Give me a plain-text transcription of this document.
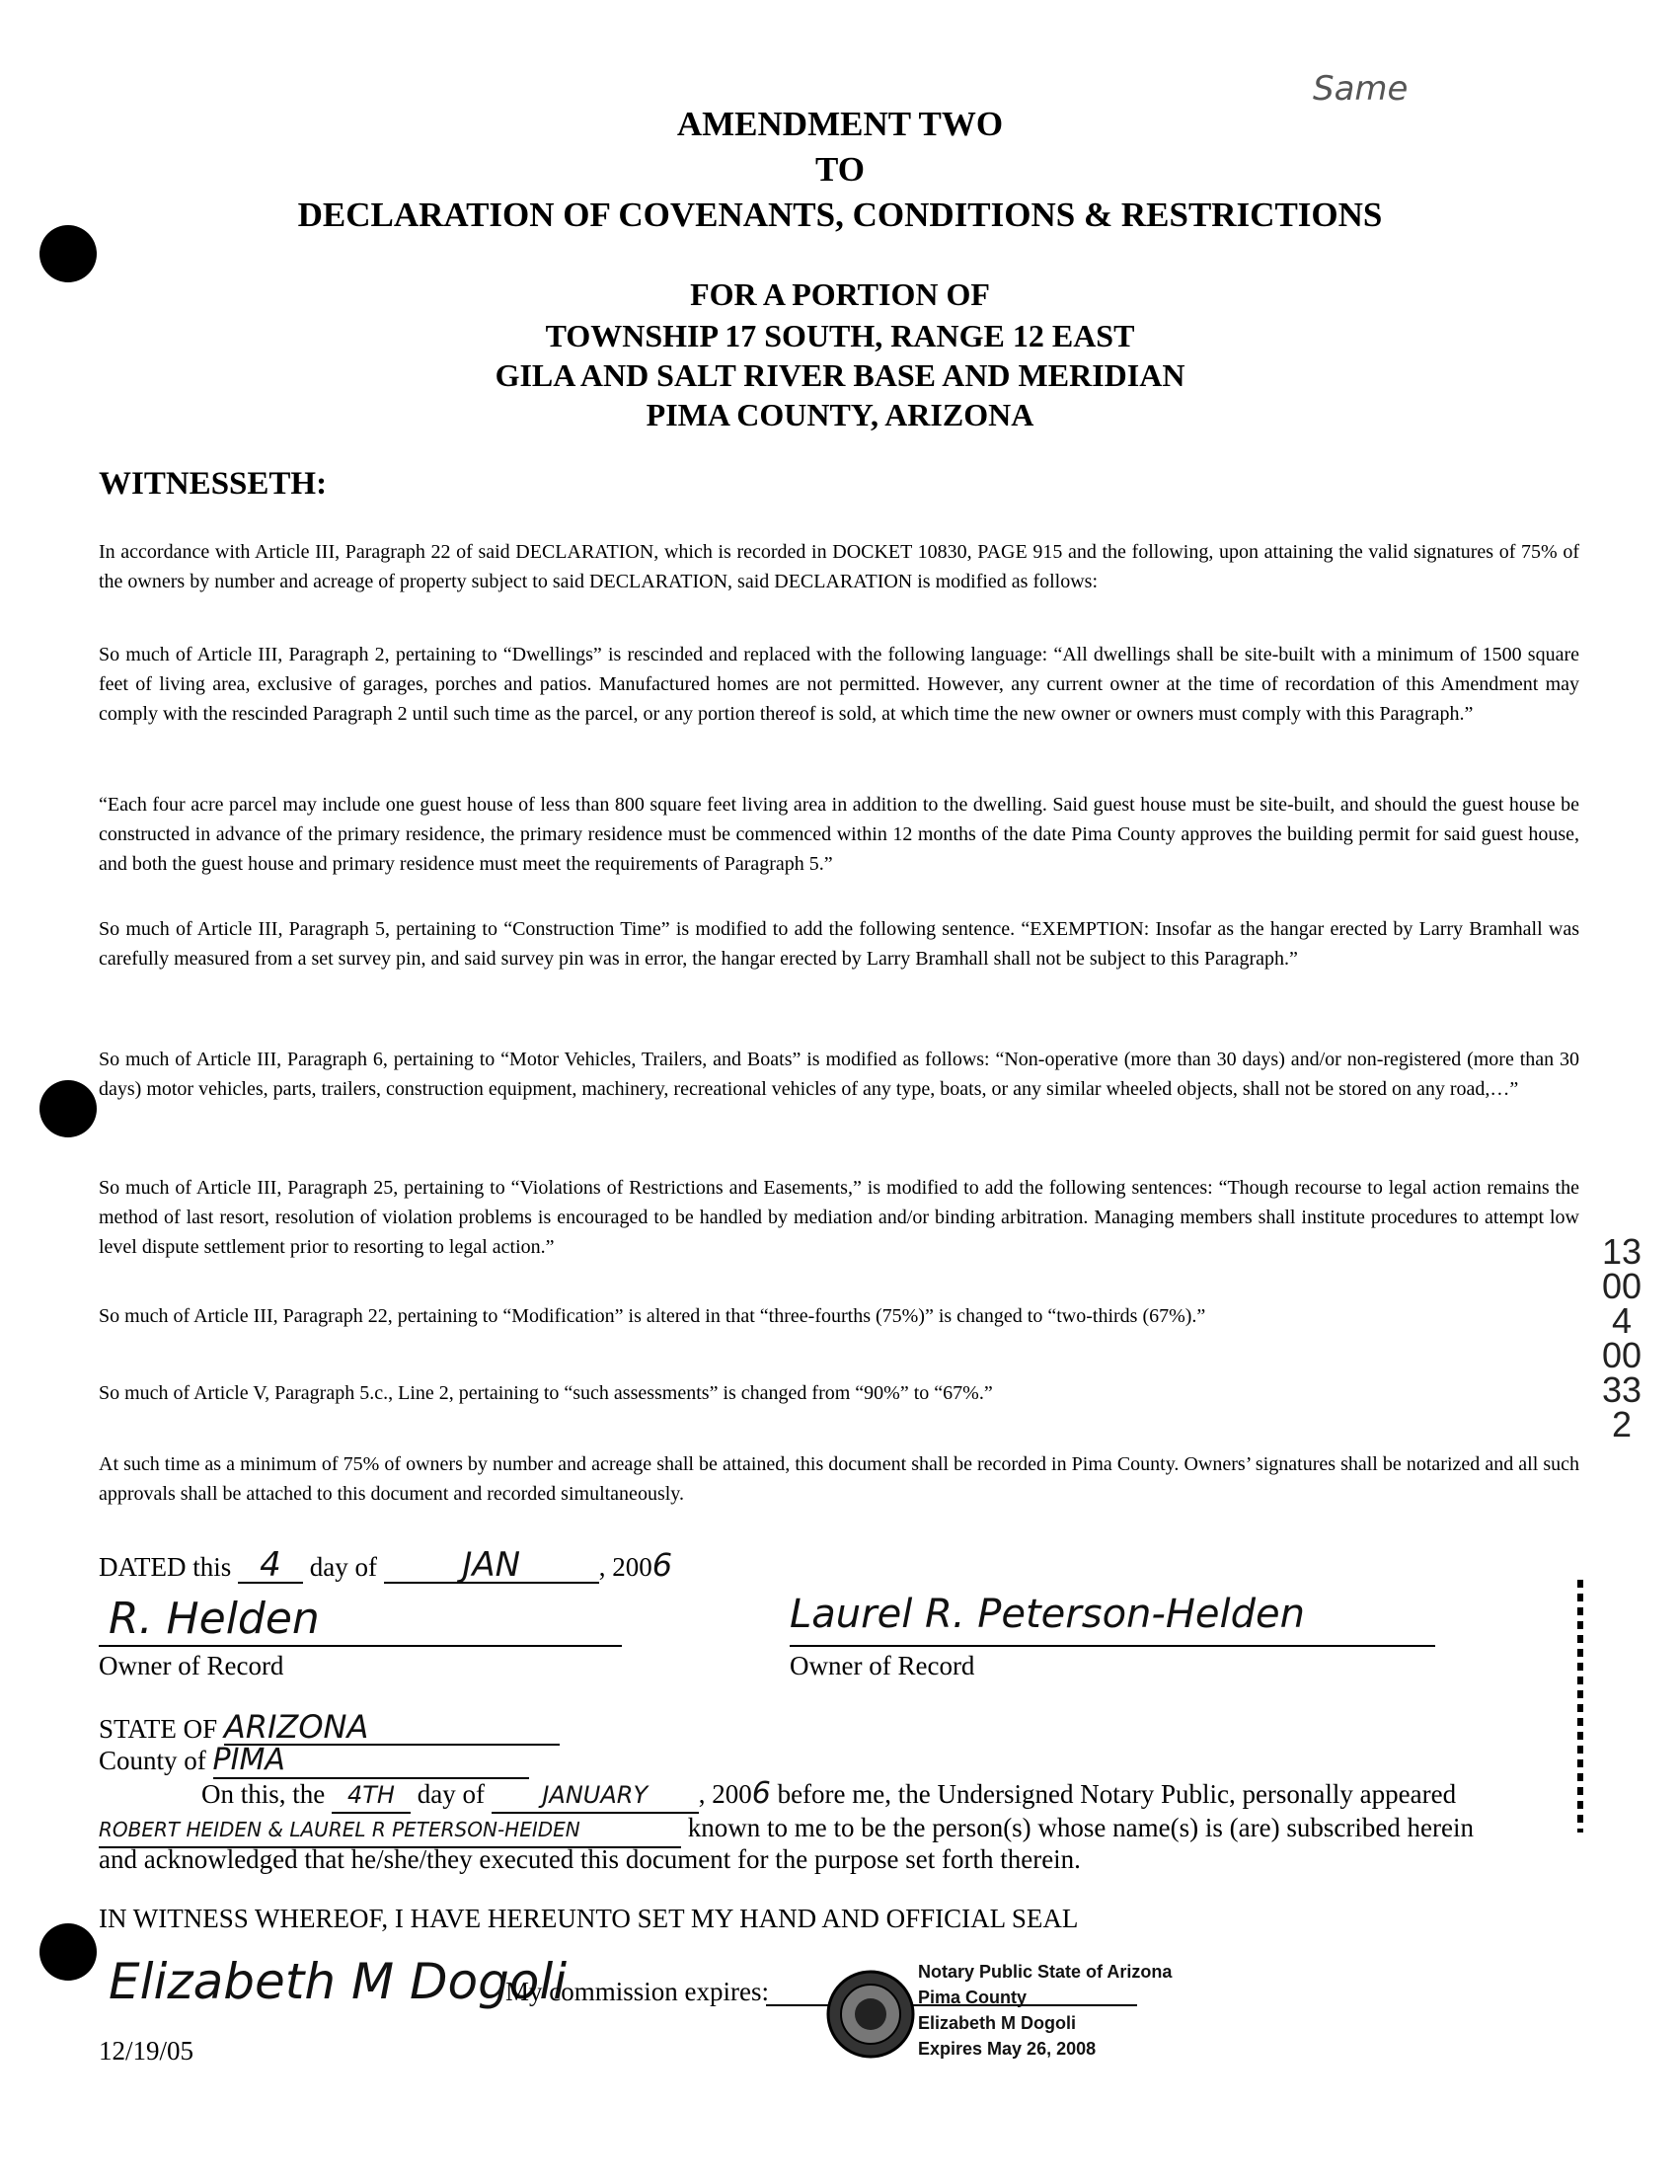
Same
AMENDMENT TWO
TO
DECLARATION OF COVENANTS, CONDITIONS & RESTRICTIONS
FOR A PORTION OF
TOWNSHIP 17 SOUTH, RANGE 12 EAST
GILA AND SALT RIVER BASE AND MERIDIAN
PIMA COUNTY, ARIZONA
WITNESSETH:
In accordance with Article III, Paragraph 22 of said DECLARATION, which is recorded in DOCKET 10830, PAGE 915 and the following, upon attaining the valid signatures of 75% of the owners by number and acreage of property subject to said DECLARATION, said DECLARATION is modified as follows:
So much of Article III, Paragraph 2, pertaining to “Dwellings” is rescinded and replaced with the following language: “All dwellings shall be site-built with a minimum of 1500 square feet of living area, exclusive of garages, porches and patios. Manufactured homes are not permitted. However, any current owner at the time of recordation of this Amendment may comply with the rescinded Paragraph 2 until such time as the parcel, or any portion thereof is sold, at which time the new owner or owners must comply with this Paragraph.”
“Each four acre parcel may include one guest house of less than 800 square feet living area in addition to the dwelling. Said guest house must be site-built, and should the guest house be constructed in advance of the primary residence, the primary residence must be commenced within 12 months of the date Pima County approves the building permit for said guest house, and both the guest house and primary residence must meet the requirements of Paragraph 5.”
So much of Article III, Paragraph 5, pertaining to “Construction Time” is modified to add the following sentence. “EXEMPTION: Insofar as the hangar erected by Larry Bramhall was carefully measured from a set survey pin, and said survey pin was in error, the hangar erected by Larry Bramhall shall not be subject to this Paragraph.”
So much of Article III, Paragraph 6, pertaining to “Motor Vehicles, Trailers, and Boats” is modified as follows: “Non-operative (more than 30 days) and/or non-registered (more than 30 days) motor vehicles, parts, trailers, construction equipment, machinery, recreational vehicles of any type, boats, or any similar wheeled objects, shall not be stored on any road,…”
So much of Article III, Paragraph 25, pertaining to “Violations of Restrictions and Easements,” is modified to add the following sentences: “Though recourse to legal action remains the method of last resort, resolution of violation problems is encouraged to be handled by mediation and/or binding arbitration. Managing members shall institute procedures to attempt low level dispute settlement prior to resorting to legal action.”
So much of Article III, Paragraph 22, pertaining to “Modification” is altered in that “three-fourths (75%)” is changed to “two-thirds (67%).”
So much of Article V, Paragraph 5.c., Line 2, pertaining to “such assessments” is changed from “90%” to “67%.”
At such time as a minimum of 75% of owners by number and acreage shall be attained, this document shall be recorded in Pima County. Owners’ signatures shall be notarized and all such approvals shall be attached to this document and recorded simultaneously.
DATED this 4 day of	JAN	, 2006
R. Helden
Owner of Record
Laurel R. Peterson-Helden
Owner of Record
STATE OF ARIZONA
County of PIMA
On this, the 4TH day of JANUARY , 2006 before me, the Undersigned Notary Public, personally appeared
ROBERT HEIDEN & LAUREL R PETERSON-HEIDEN	known to me to be the person(s) whose name(s) is (are) subscribed herein
and acknowledged that he/she/they executed this document for the purpose set forth therein.
IN WITNESS WHEREOF, I HAVE HEREUNTO SET MY HAND AND OFFICIAL SEAL
Elizabeth M Dogoli
My commission expires:
12/19/05
Notary Public State of Arizona
Pima County
Elizabeth M Dogoli
Expires May 26, 2008
13004 00332
